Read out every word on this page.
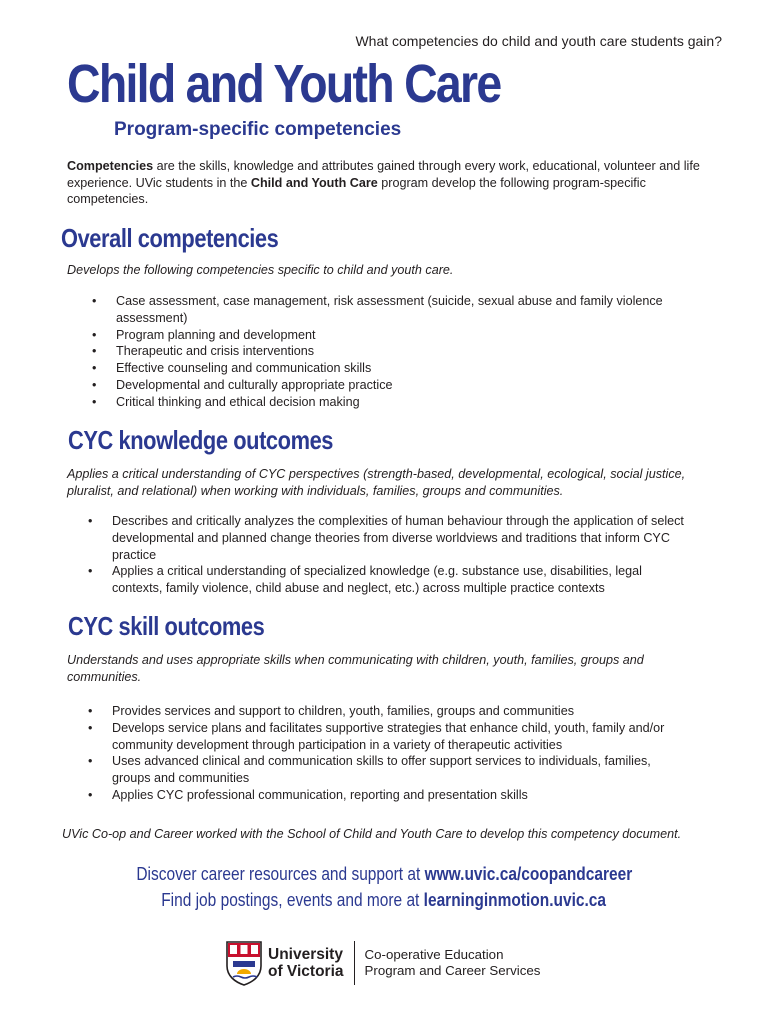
What competencies do child and youth care students gain?
Child and Youth Care
Program-specific competencies

Competencies are the skills, knowledge and attributes gained through every work, educational, volunteer and life experience. UVic students in the Child and Youth Care program develop the following program-specific competencies.

Overall competencies

Develops the following competencies specific to child and youth care.

• Case assessment, case management, risk assessment (suicide, sexual abuse and family violence assessment)
• Program planning and development
• Therapeutic and crisis interventions
• Effective counseling and communication skills
• Developmental and culturally appropriate practice
• Critical thinking and ethical decision making
CYC knowledge outcomes

Applies a critical understanding of CYC perspectives (strength-based, developmental, ecological, social justice, pluralist, and relational) when working with individuals, families, groups and communities.

• Describes and critically analyzes the complexities of human behaviour through the application of select developmental and planned change theories from diverse worldviews and traditions that inform CYC practice
• Applies a critical understanding of specialized knowledge (e.g. substance use, disabilities, legal contexts, family violence, child abuse and neglect, etc.) across multiple practice contexts
CYC skill outcomes

Understands and uses appropriate skills when communicating with children, youth, families, groups and communities.

• Provides services and support to children, youth, families, groups and communities
• Develops service plans and facilitates supportive strategies that enhance child, youth, family and/or community development through participation in a variety of therapeutic activities
• Uses advanced clinical and communication skills to offer support services to individuals, families, groups and communities
• Applies CYC professional communication, reporting and presentation skills

UVic Co-op and Career worked with the School of Child and Youth Care to develop this competency document.

Discover career resources and support at www.uvic.ca/coopandcareer
Find job postings, events and more at learninginmotion.uvic.ca
University
of Victoria
Co-operative Education
Program and Career Services
